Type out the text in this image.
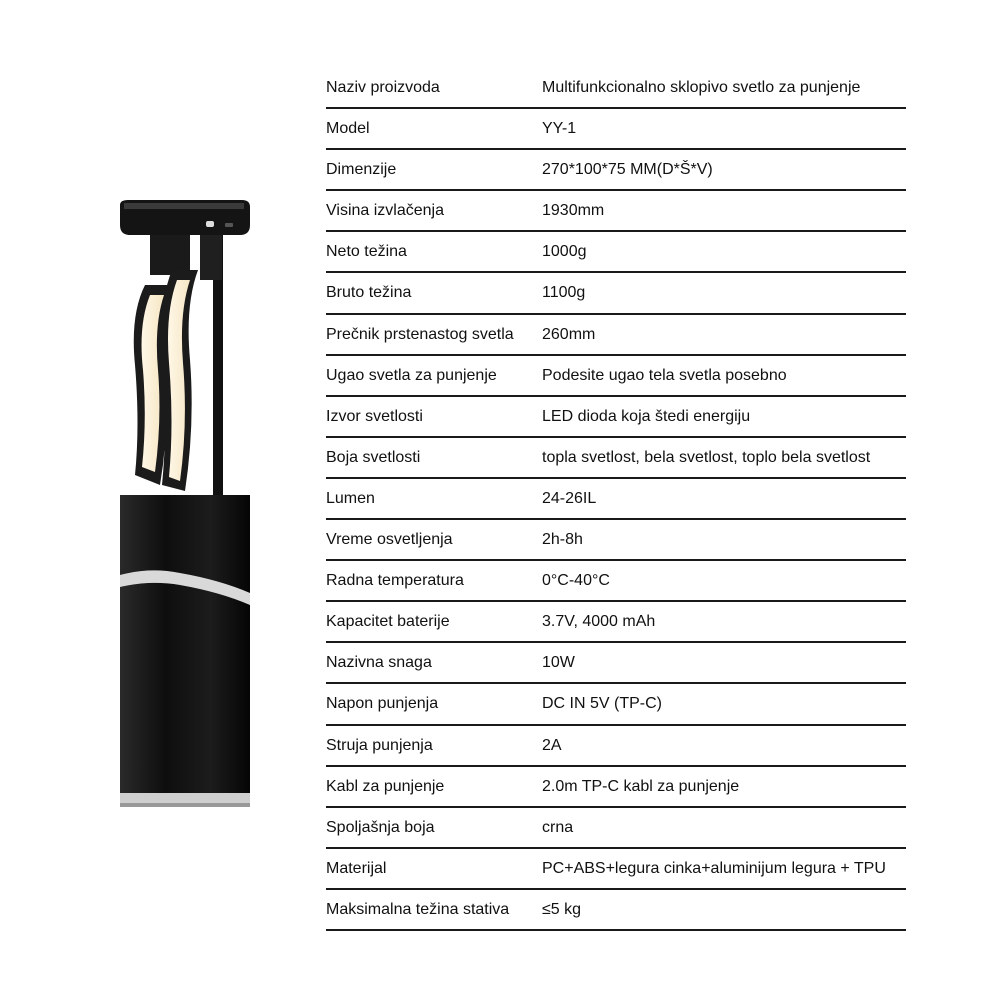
Naziv proizvoda	Multifunkcionalno sklopivo svetlo za punjenje
Model	YY-1
Dimenzije	270*100*75 MM(D*Š*V)
Visina izvlačenja	1930mm
Neto težina	1000g
Bruto težina	1100g
Prečnik prstenastog svetla 260mm
Ugao svetla za punjenje	Podesite ugao tela svetla posebno
Izvor svetlosti	LED dioda koja štedi energiju
Boja svetlosti	topla svetlost, bela svetlost, toplo bela svetlost
Lumen	24-26IL
Vreme osvetljenja	2h-8h
Radna temperatura	0°C-40°C
Kapacitet baterije	3.7V, 4000 mAh
Nazivna snaga	10W
Napon punjenja	DC IN 5V (TP-C)
Struja punjenja	2A
Kabl za punjenje	2.0m TP-C kabl za punjenje
Spoljašnja boja	crna
Materijal	PC+ABS+legura cinka+aluminijum legura + TPU
Maksimalna težina stativa ≤5 kg
